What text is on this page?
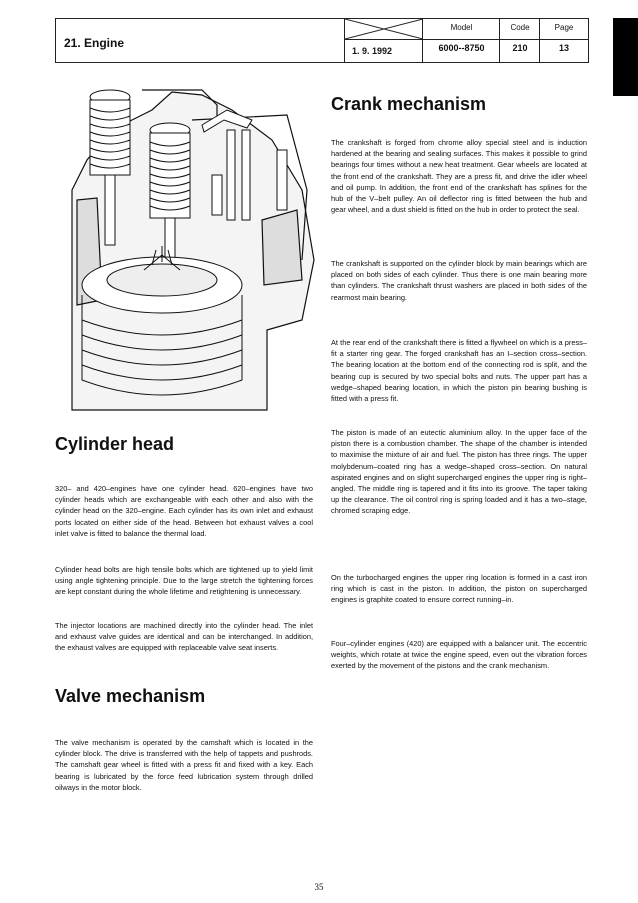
21. Engine
1. 9. 1992
Model
6000--8750
Code
210
Page
13
Crank mechanism

The crankshaft is forged from chrome alloy special steel and is induction hardened at the bearing and sealing surfaces. This makes it possible to grind bearings four times without a new heat treatment. Gear wheels are located at the front end of the crankshaft. They are a press fit, and drive the idler wheel and oil pump. In addition, the front end of the crankshaft has splines for the hub of the V–belt pulley. An oil deflector ring is fitted between the hub and gear wheel, and a dust shield is fitted on the hub in order to protect the seal.

The crankshaft is supported on the cylinder block by main bearings which are placed on both sides of each cylinder. Thus there is one main bearing more than cylinders. The crankshaft thrust washers are placed in both sides of the rearmost main bearing.

At the rear end of the crankshaft there is fitted a flywheel on which is a press–fit a starter ring gear. The forged crankshaft has an I–section cross–section. The bearing location at the bottom end of the connecting rod is split, and the bearing cup is secured by two special bolts and nuts. The upper part has a wedge–shaped bearing location, in which the piston pin bearing bushing is fitted with a press fit.

The piston is made of an eutectic aluminium alloy. In the upper face of the piston there is a combustion chamber. The shape of the chamber is intended to maximise the mixture of air and fuel. The piston has three rings. The upper molybdenum–coated ring has a wedge–shaped cross–section. On natural aspirated engines and on slight supercharged engines the upper ring is right–angled. The middle ring is tapered and it fits into its groove. The taper taking up the clearance. The oil control ring is spring loaded and it has a two–stage, chromed scraping edge.

On the turbocharged engines the upper ring location is formed in a cast iron ring which is cast in the piston. In addition, the piston on supercharged engines is graphite coated to ensure correct running–in.

Four–cylinder engines (420) are equipped with a balancer unit. The eccentric weights, which rotate at twice the engine speed, even out the vibration forces exerted by the movement of the pistons and the crank mechanism.

Cylinder head

320– and 420–engines have one cylinder head. 620–engines have two cylinder heads which are exchangeable with each other and also with the cylinder head on the 320–engine. Each cylinder has its own inlet and exhaust ports located on either side of the head. Between hot exhaust valves a cool inlet valve is fitted to balance the thermal load.

Cylinder head bolts are high tensile bolts which are tightened up to yield limit using angle tightening principle. Due to the large stretch the tightening forces are kept constant during the whole lifetime and retightening is unnecessary.

The injector locations are machined directly into the cylinder head. The inlet and exhaust valve guides are identical and can be interchanged. In addition, the exhaust valves are equipped with replaceable valve seat inserts.

Valve mechanism

The valve mechanism is operated by the camshaft which is located in the cylinder block. The drive is transferred with the help of tappets and pushrods. The camshaft gear wheel is fitted with a press fit and fixed with a key. Each bearing is lubricated by the force feed lubrication system through drilled oilways in the motor block.

35
